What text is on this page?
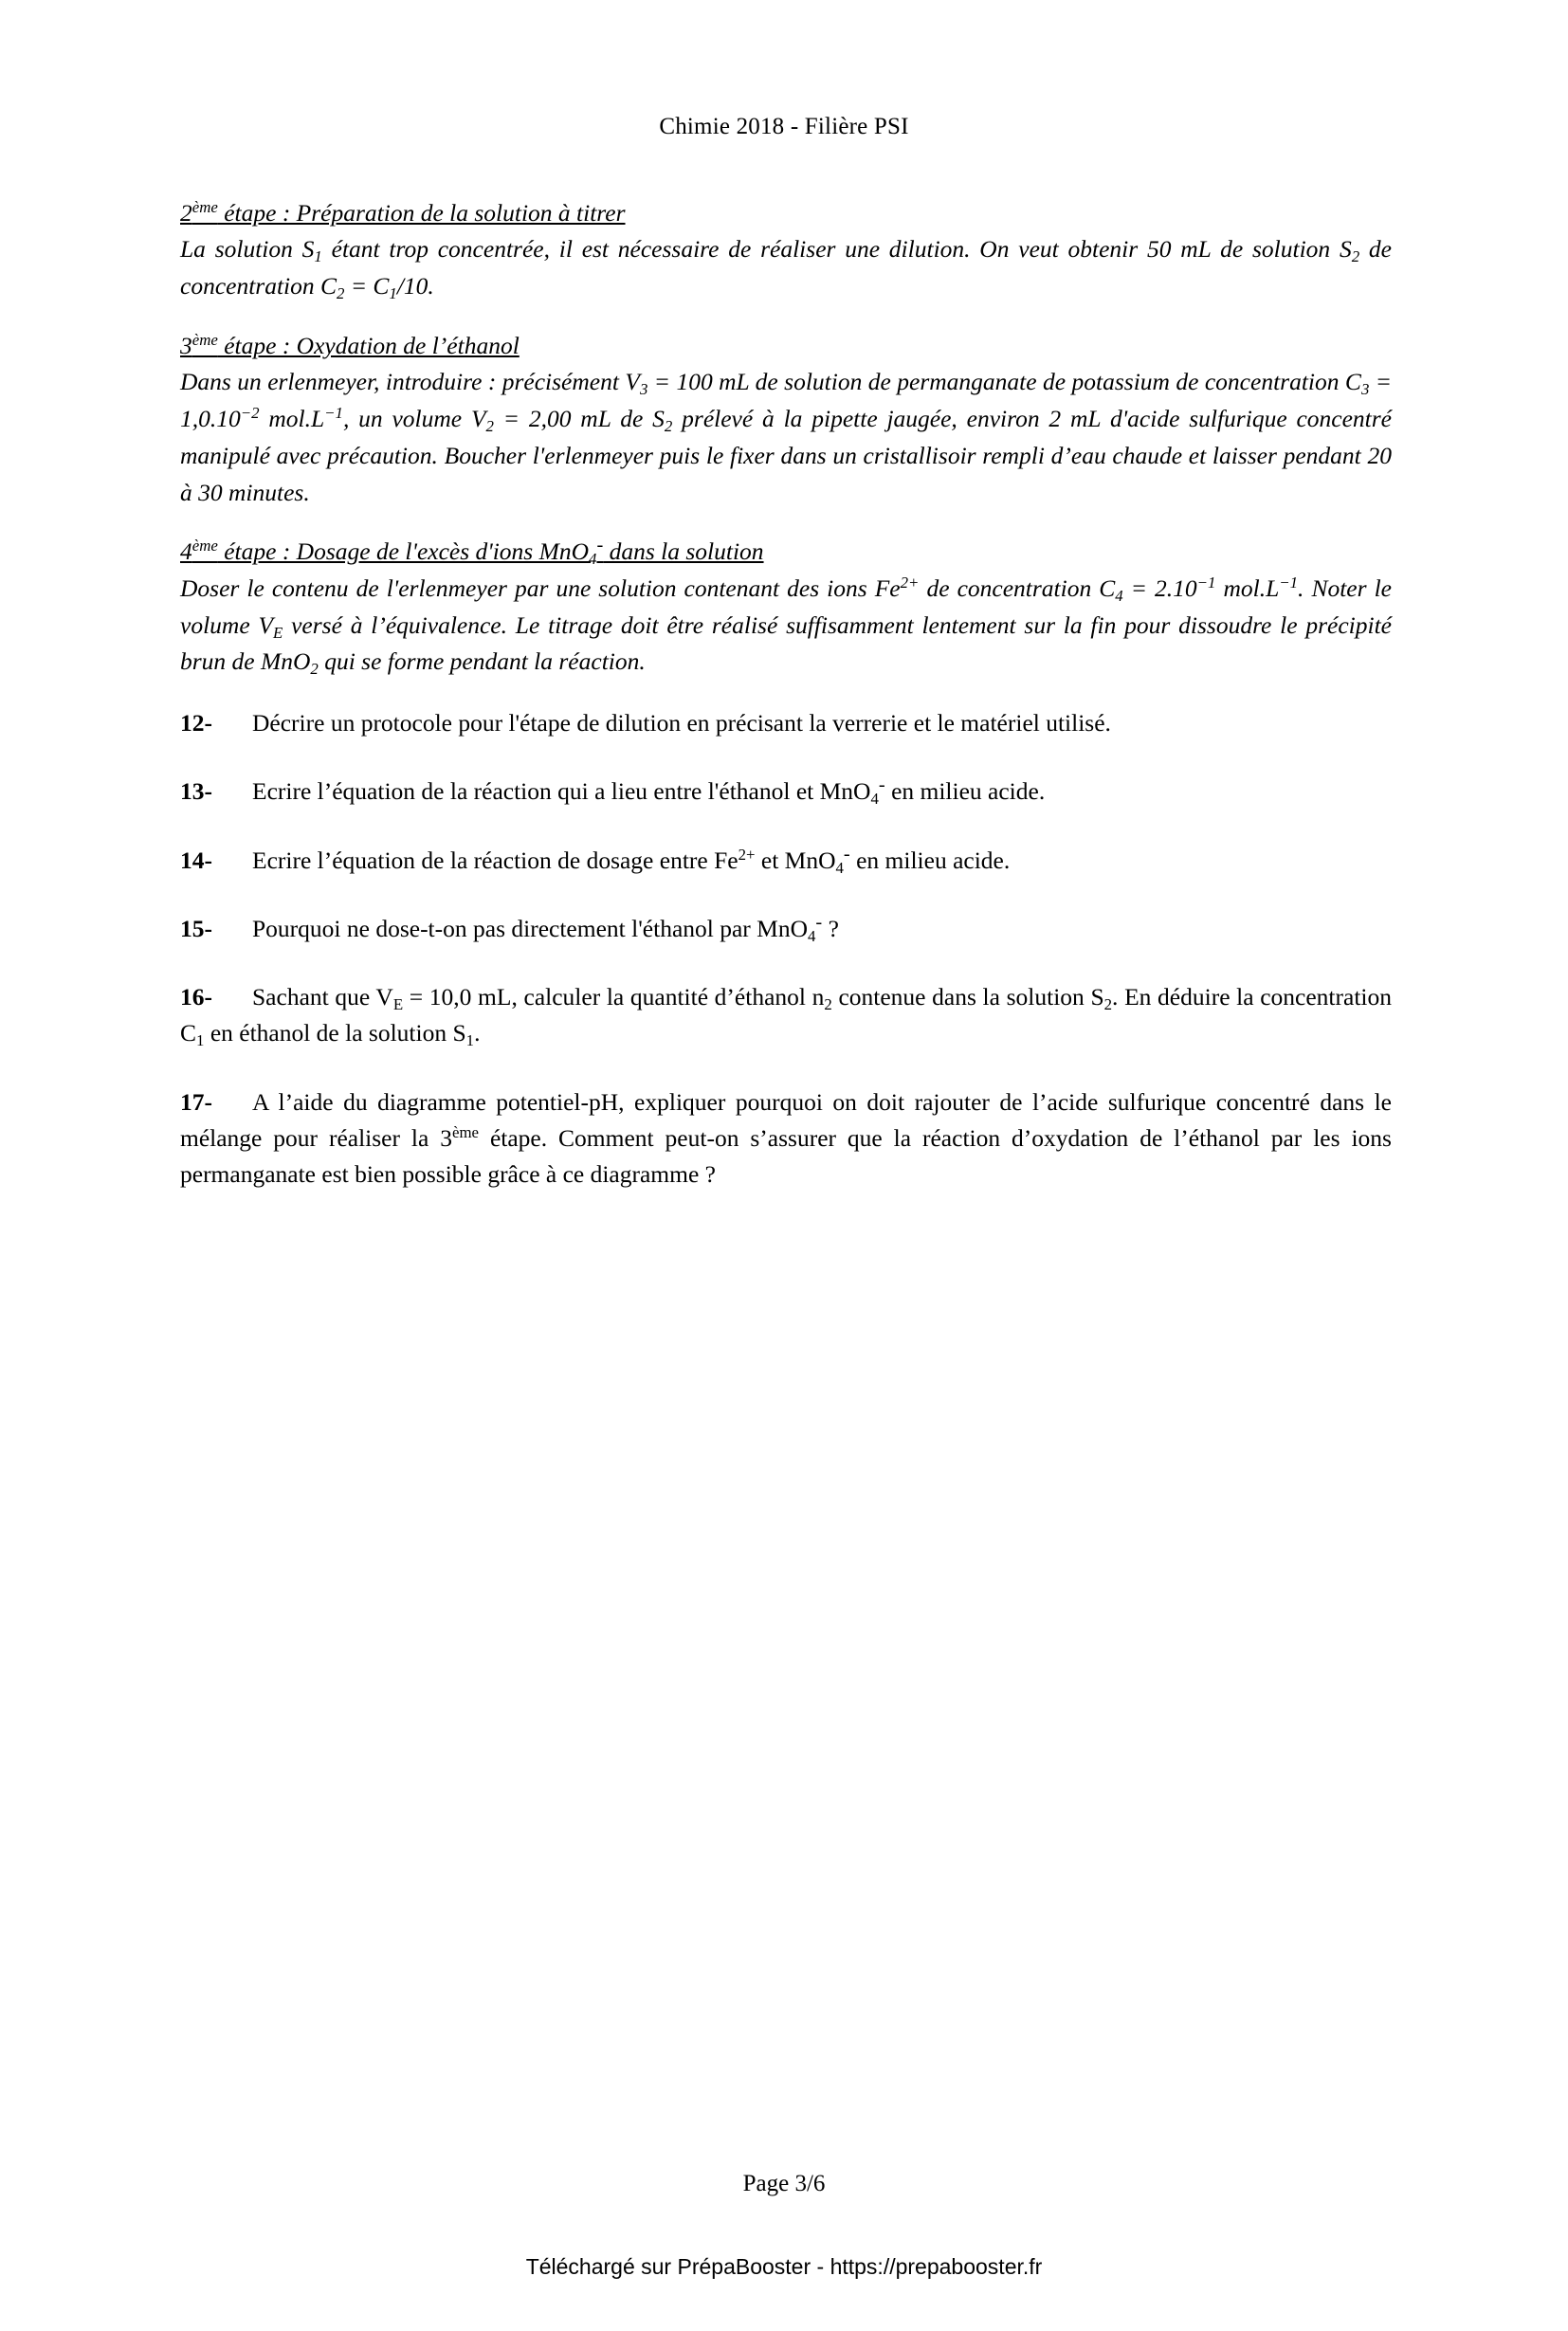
Chimie 2018 - Filière PSI
2ème étape : Préparation de la solution à titrer
La solution $S_1$ étant trop concentrée, il est nécessaire de réaliser une dilution. On veut obtenir 50 mL de solution $S_2$ de concentration $C_2 = C_1/10$.
3ème étape : Oxydation de l’éthanol
Dans un erlenmeyer, introduire : précisément $V_3 = 100$ mL de solution de permanganate de potassium de concentration $C_3 = 1,0.10^{-2}$ $mol.L^{-1}$, un volume $V_2 = 2,00$ mL de $S_2$ prélevé à la pipette jaugée, environ 2 mL d'acide sulfurique concentré manipulé avec précaution. Boucher l'erlenmeyer puis le fixer dans un cristallisoir rempli d’eau chaude et laisser pendant 20 à 30 minutes.
4ème étape : Dosage de l'excès d'ions MnO$_4$- dans la solution
Doser le contenu de l'erlenmeyer par une solution contenant des ions $Fe^{2+}$ de concentration $C_4 = 2.10^{-1}$ $mol.L^{-1}$. Noter le volume $V_E$ versé à l’équivalence. Le titrage doit être réalisé suffisamment lentement sur la fin pour dissoudre le précipité brun de MnO$_2$ qui se forme pendant la réaction.
12- Décrire un protocole pour l'étape de dilution en précisant la verrerie et le matériel utilisé.
13- Ecrire l’équation de la réaction qui a lieu entre l'éthanol et MnO$_4$- en milieu acide.
14- Ecrire l’équation de la réaction de dosage entre $Fe^{2+}$ et MnO$_4$- en milieu acide.
15- Pourquoi ne dose-t-on pas directement l'éthanol par MnO$_4$- ?
16- Sachant que $V_E = 10,0$ mL, calculer la quantité d’éthanol $n_2$ contenue dans la solution $S_2$. En déduire la concentration $C_1$ en éthanol de la solution $S_1$.
17- A l’aide du diagramme potentiel-pH, expliquer pourquoi on doit rajouter de l’acide sulfurique concentré dans le mélange pour réaliser la 3ème étape. Comment peut-on s’assurer que la réaction d’oxydation de l’éthanol par les ions permanganate est bien possible grâce à ce diagramme ?
Page 3/6
Téléchargé sur PrépaBooster - https://prepabooster.fr
